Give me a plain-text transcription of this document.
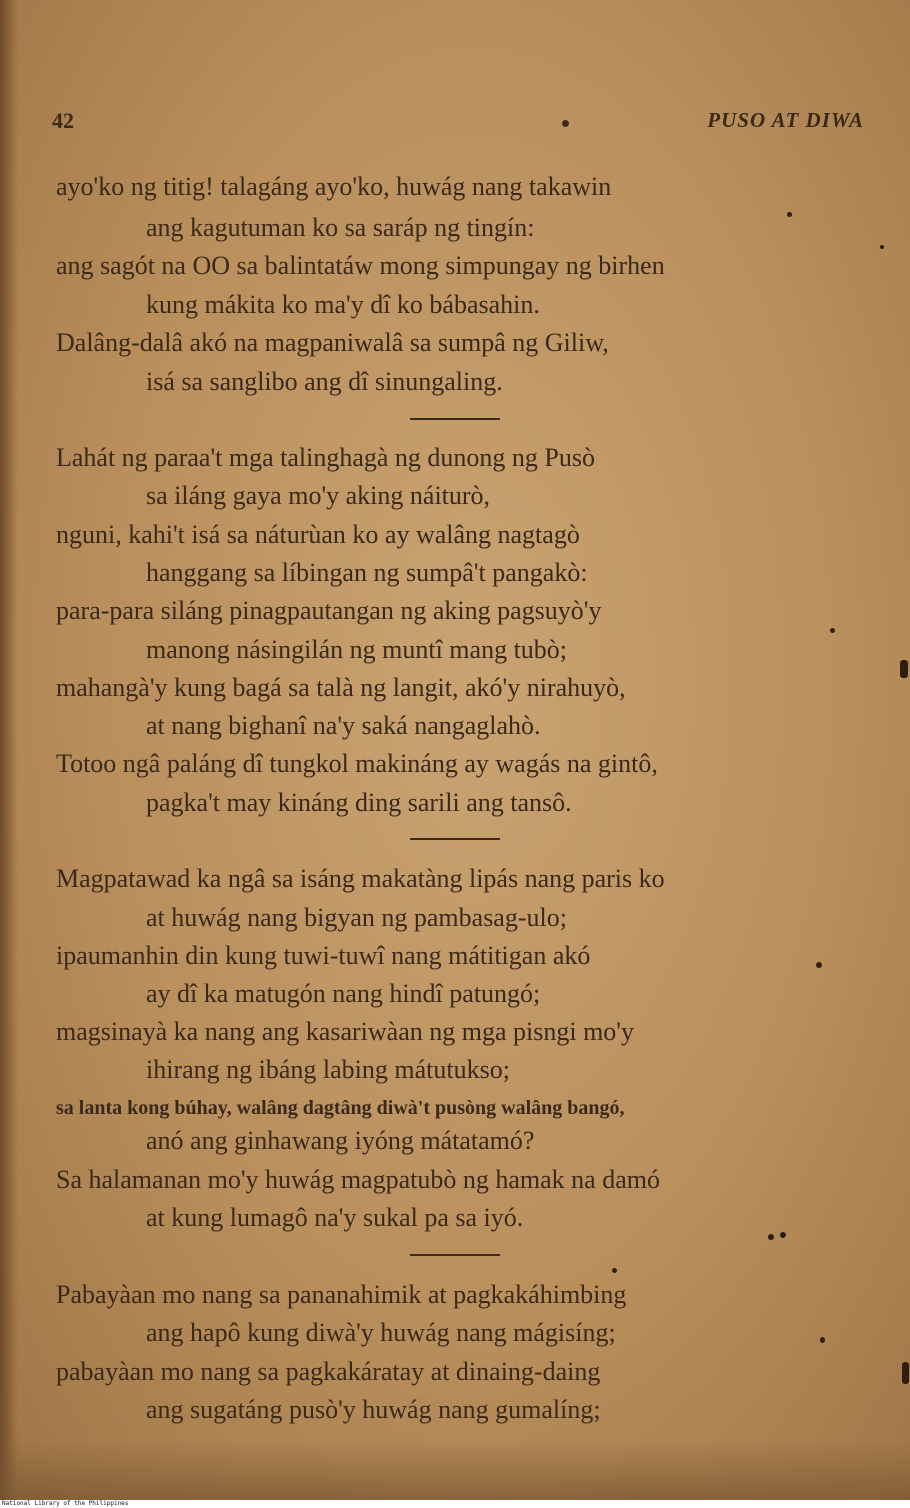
42	PUSO AT DIWA
ayo'ko ng titig! talagáng ayo'ko, huwág nang takawin
ang kagutuman ko sa saráp ng tingín:
ang sagót na OO sa balintatáw mong simpungay ng birhen
kung mákita ko ma'y dî ko bábasahin.
Dalâng-dalâ akó na magpaniwalâ sa sumpâ ng Giliw,
isá sa sanglibo ang dî sinungaling.
Lahát ng paraa't mga talinghagà ng dunong ng Pusò
sa iláng gaya mo'y aking náiturò,
nguni, kahi't isá sa náturùan ko ay walâng nagtagò
hanggang sa líbingan ng sumpâ't pangakò:
para-para siláng pinagpautangan ng aking pagsuyò'y
manong násingilán ng muntî mang tubò;
mahangà'y kung bagá sa talà ng langit, akó'y nirahuyò,
at nang bighanî na'y saká nangaglahò.
Totoo ngâ paláng dî tungkol makináng ay wagás na gintô,
pagka't may kináng ding sarili ang tansô.
Magpatawad ka ngâ sa isáng makatàng lipás nang paris ko
at huwág nang bigyan ng pambasag-ulo;
ipaumanhin din kung tuwi-tuwî nang mátitigan akó
ay dî ka matugón nang hindî patungó;
magsinayà ka nang ang kasariwàan ng mga pisngi mo'y
ihirang ng ibáng labing mátutukso;
sa lanta kong búhay, walâng dagtâng diwà't pusòng walâng bangó,
anó ang ginhawang iyóng mátatamó?
Sa halamanan mo'y huwág magpatubò ng hamak na damó
at kung lumagô na'y sukal pa sa iyó.
Pabayàan mo nang sa pananahimik at pagkakáhimbing
ang hapô kung diwà'y huwág nang mágisíng;
pabayàan mo nang sa pagkakáratay at dinaing-daing
ang sugatáng pusò'y huwág nang gumalíng;
National Library of the Philippines
